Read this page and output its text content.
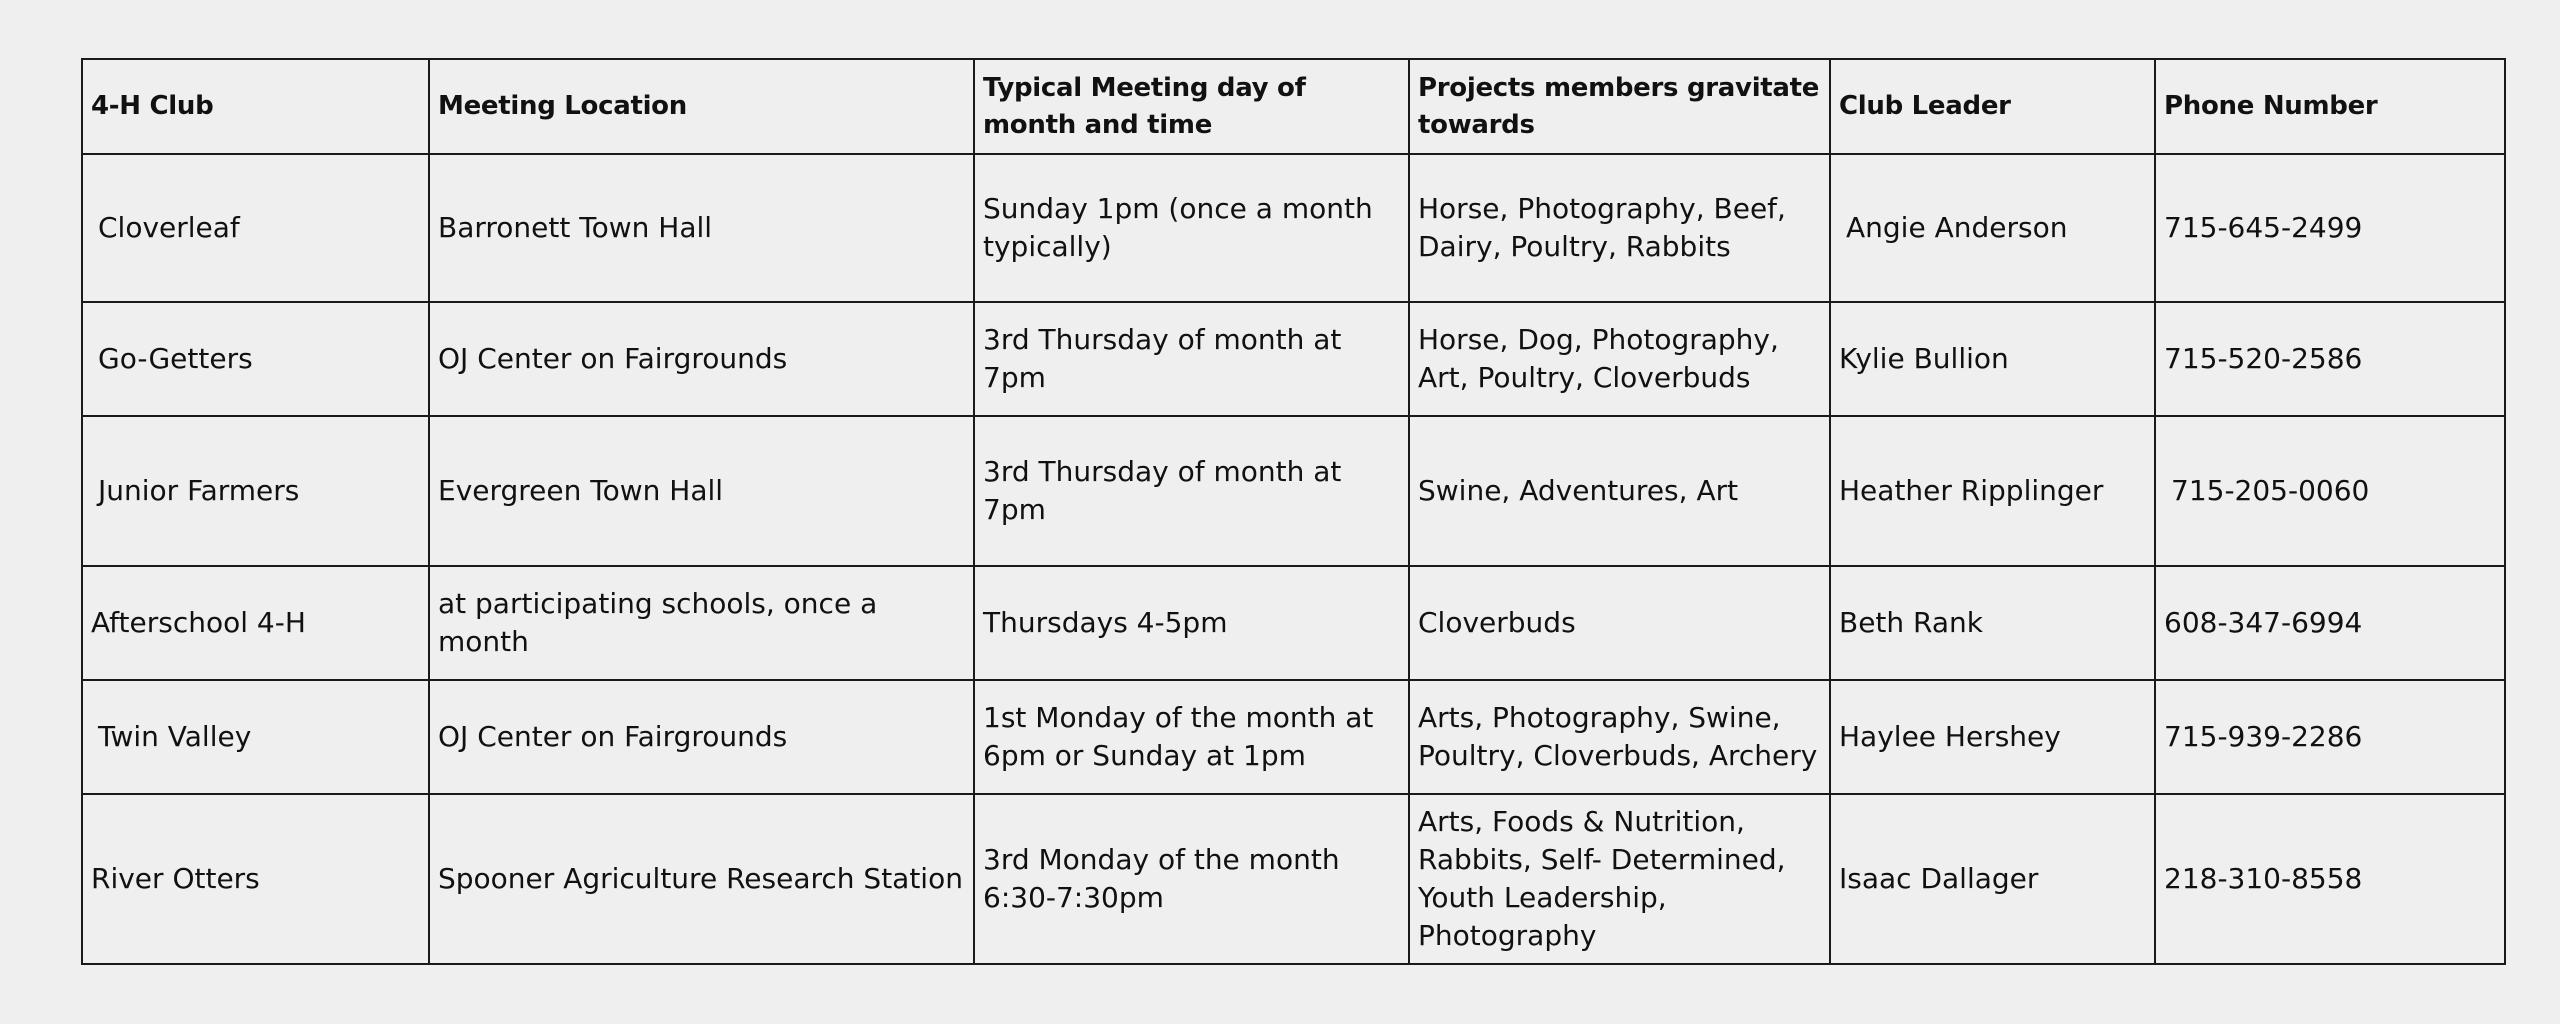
4-H Club	Meeting Location	Typical Meeting day of month and time	Projects members gravitate towards	Club Leader	Phone Number
Cloverleaf	Barronett Town Hall	Sunday 1pm (once a month typically)	Horse, Photography, Beef, Dairy, Poultry, Rabbits	Angie Anderson	715-645-2499
Go-Getters	OJ Center on Fairgrounds	3rd Thursday of month at 7pm	Horse, Dog, Photography, Art, Poultry, Cloverbuds	Kylie Bullion	715-520-2586
Junior Farmers	Evergreen Town Hall	3rd Thursday of month at 7pm	Swine, Adventures, Art	Heather Ripplinger	715-205-0060
Afterschool 4-H	at participating schools, once a month	Thursdays 4-5pm	Cloverbuds	Beth Rank	608-347-6994
Twin Valley	OJ Center on Fairgrounds	1st Monday of the month at 6pm or Sunday at 1pm	Arts, Photography, Swine, Poultry, Cloverbuds, Archery	Haylee Hershey	715-939-2286
River Otters	Spooner Agriculture Research Station	3rd Monday of the month 6:30-7:30pm	Arts, Foods & Nutrition, Rabbits, Self- Determined, Youth Leadership, Photography	Isaac Dallager	218-310-8558
